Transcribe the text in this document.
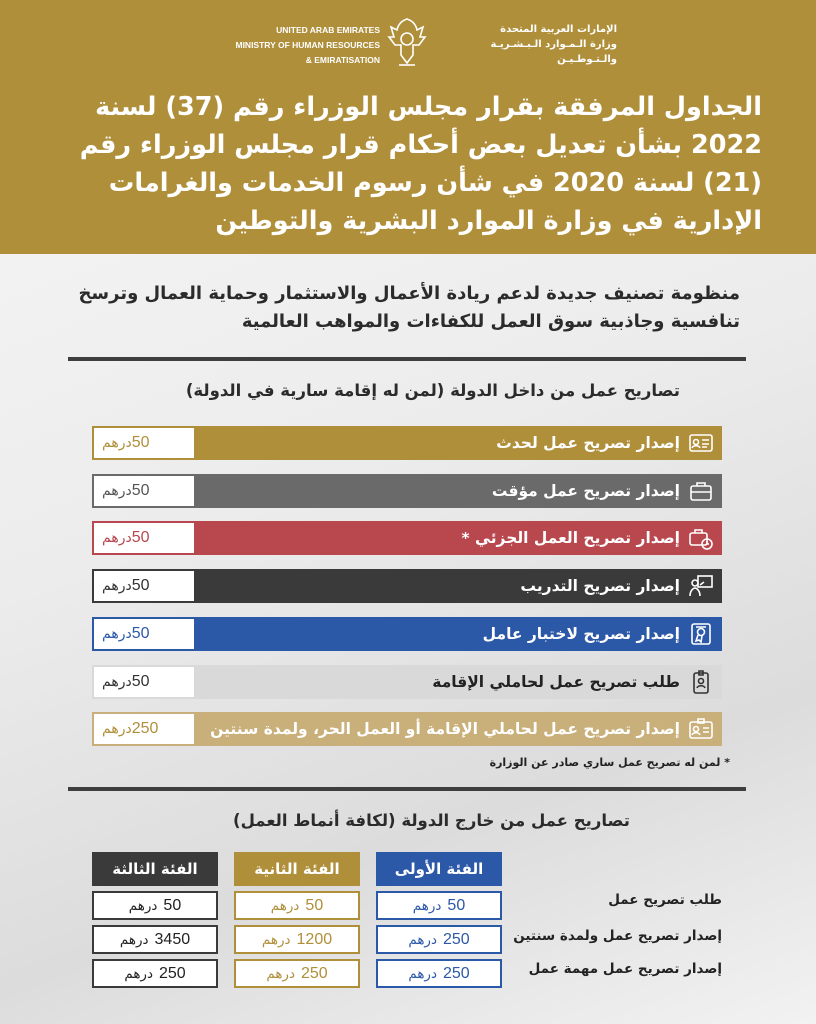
UNITED ARAB EMIRATES
MINISTRY OF HUMAN RESOURCES
& EMIRATISATION
الإمارات العربية المتحدة
وزارة الـمـوارد الـبـشـريـة
والـتـوطـيـن
الجداول المرفقة بقرار مجلس الوزراء رقم (37) لسنة 2022 بشأن تعديل بعض أحكام قرار مجلس الوزراء رقم (21) لسنة 2020 في شأن رسوم الخدمات والغرامات الإدارية في وزارة الموارد البشرية والتوطين
منظومة تصنيف جديدة لدعم ريادة الأعمال والاستثمار وحماية العمال وترسخ تنافسية وجاذبية سوق العمل للكفاءات والمواهب العالمية
تصاريح عمل من داخل الدولة (لمن له إقامة سارية في الدولة)
إصدار تصريح عمل لحدث
درهم 50
إصدار تصريح عمل مؤقت
درهم 50
إصدار تصريح العمل الجزئي *
درهم 50
إصدار تصريح التدريب
درهم 50
إصدار تصريح لاختبار عامل
درهم 50
طلب تصريح عمل لحاملي الإقامة
درهم 50
إصدار تصريح عمل لحاملي الإقامة أو العمل الحر، ولمدة سنتين
درهم 250
* لمن له تصريح عمل ساري صادر عن الوزارة
تصاريح عمل من خارج الدولة (لكافة أنماط العمل)
طلب تصريح عمل
إصدار تصريح عمل ولمدة سنتين
إصدار تصريح عمل مهمة عمل
الفئة الأولى
50
درهم
250
درهم
250
درهم
الفئة الثانية
50
درهم
1200
درهم
250
درهم
الفئة الثالثة
50
درهم
3450
درهم
250
درهم
